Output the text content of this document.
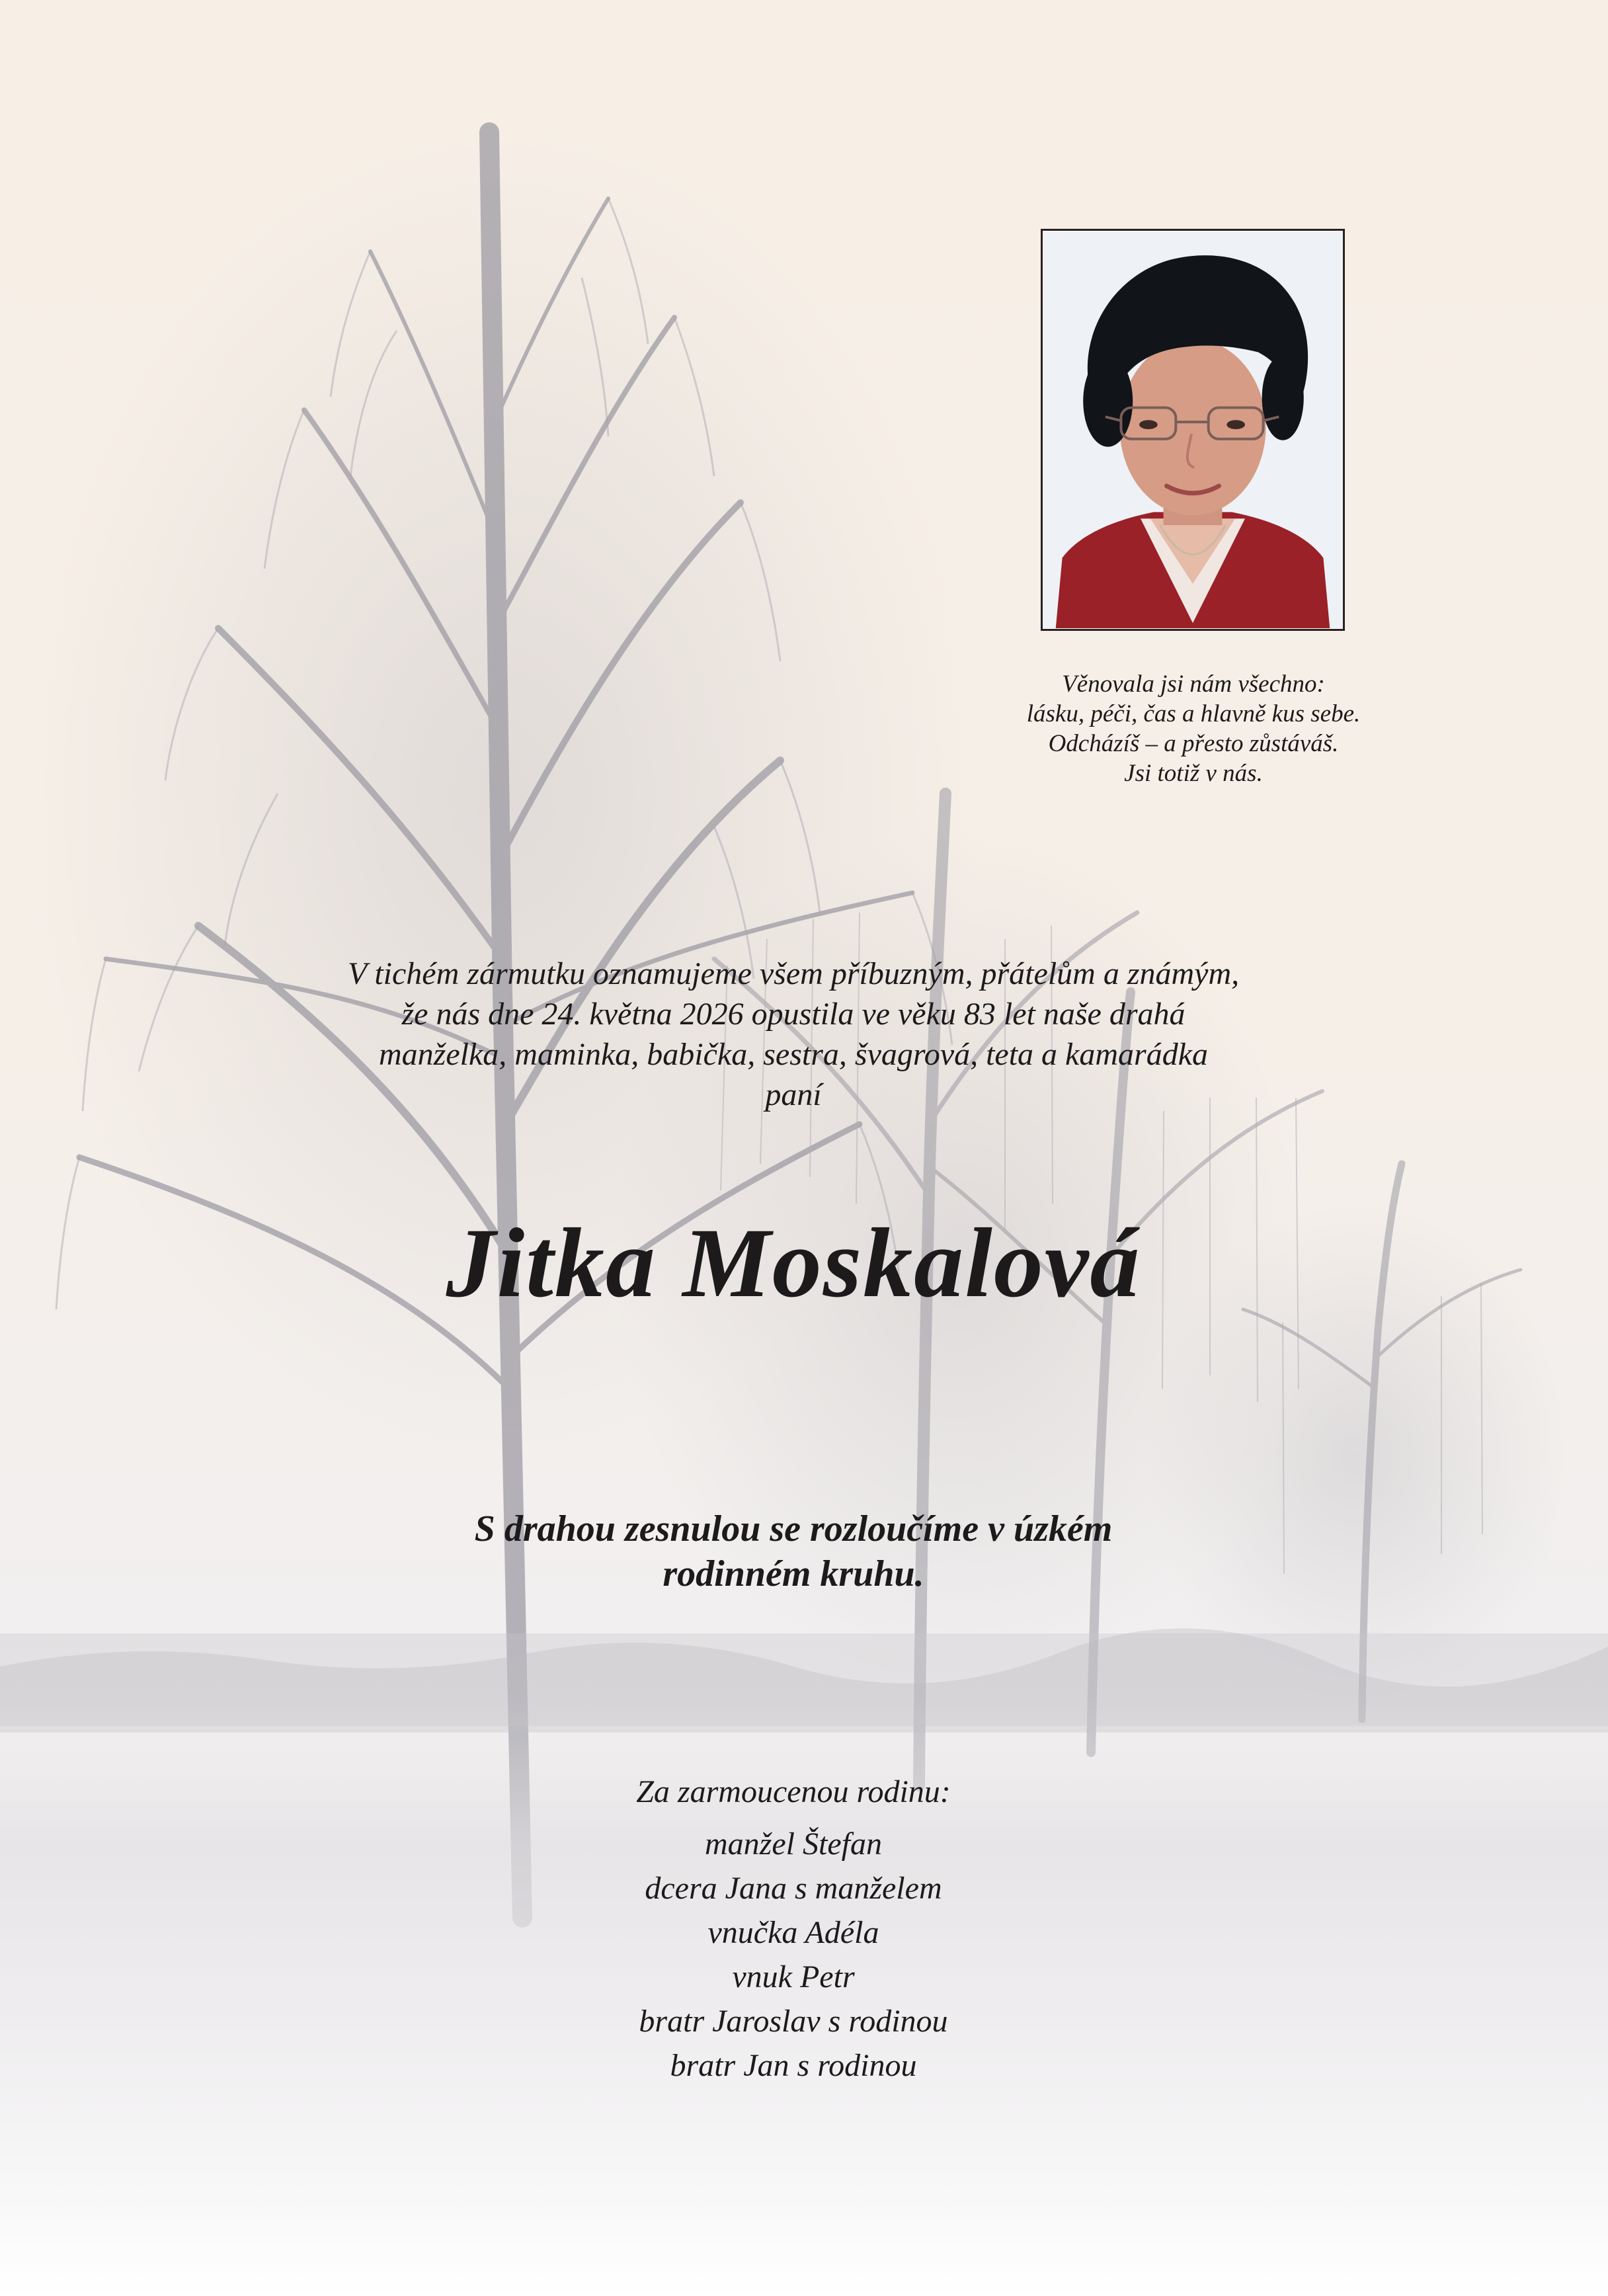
Věnovala jsi nám všechno:
lásku, péči, čas a hlavně kus sebe.
Odcházíš – a přesto zůstáváš.
Jsi totiž v nás.
V tichém zármutku oznamujeme všem příbuzným, přátelům a známým,
že nás dne 24. května 2026 opustila ve věku 83 let naše drahá
manželka, maminka, babička, sestra, švagrová, teta a kamarádka
paní
Jitka Moskalová
S drahou zesnulou se rozloučíme v úzkém
rodinném kruhu.
Za zarmoucenou rodinu:
manžel Štefan
dcera Jana s manželem
vnučka Adéla
vnuk Petr
bratr Jaroslav s rodinou
bratr Jan s rodinou
